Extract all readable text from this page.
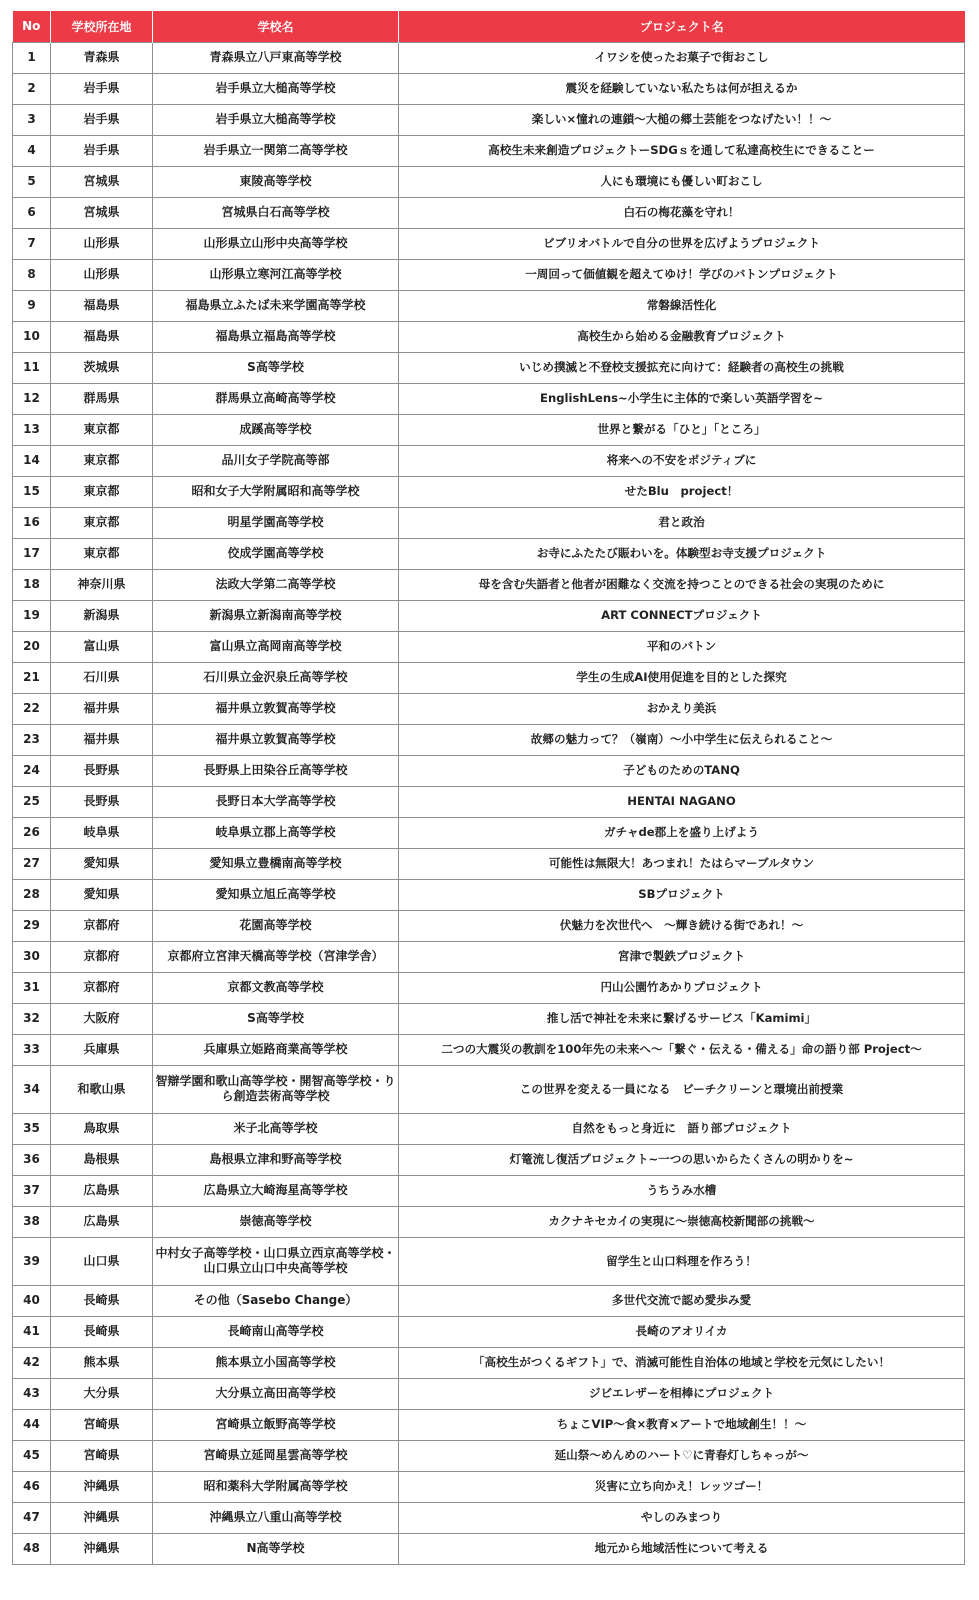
No	学校所在地	学校名	プロジェクト名
1	青森県	青森県立八戸東高等学校	イワシを使ったお菓子で街おこし
2	岩手県	岩手県立大槌高等学校	震災を経験していない私たちは何が担えるか
3	岩手県	岩手県立大槌高等学校	楽しい×憧れの連鎖〜大槌の郷土芸能をつなげたい！！〜
4	岩手県	岩手県立一関第二高等学校	高校生未来創造プロジェクトーSDGｓを通して私達高校生にできることー
5	宮城県	東陵高等学校	人にも環境にも優しい町おこし
6	宮城県	宮城県白石高等学校	白石の梅花藻を守れ！
7	山形県	山形県立山形中央高等学校	ビブリオバトルで自分の世界を広げようプロジェクト
8	山形県	山形県立寒河江高等学校	一周回って価値観を超えてゆけ！学びのバトンプロジェクト
9	福島県	福島県立ふたば未来学園高等学校	常磐線活性化
10	福島県	福島県立福島高等学校	高校生から始める金融教育プロジェクト
11	茨城県	S高等学校	いじめ撲滅と不登校支援拡充に向けて：経験者の高校生の挑戦
12	群馬県	群馬県立高崎高等学校	EnglishLens~小学生に主体的で楽しい英語学習を~
13	東京都	成蹊高等学校	世界と繋がる「ひと」「ところ」
14	東京都	品川女子学院高等部	将来への不安をポジティブに
15	東京都	昭和女子大学附属昭和高等学校	せたBlu　project！
16	東京都	明星学園高等学校	君と政治
17	東京都	佼成学園高等学校	お寺にふたたび賑わいを。体験型お寺支援プロジェクト
18	神奈川県	法政大学第二高等学校	母を含む失語者と他者が困難なく交流を持つことのできる社会の実現のために
19	新潟県	新潟県立新潟南高等学校	ART CONNECTプロジェクト
20	富山県	富山県立高岡南高等学校	平和のバトン
21	石川県	石川県立金沢泉丘高等学校	学生の生成AI使用促進を目的とした探究
22	福井県	福井県立敦賀高等学校	おかえり美浜
23	福井県	福井県立敦賀高等学校	故郷の魅力って？（嶺南）〜小中学生に伝えられること〜
24	長野県	長野県上田染谷丘高等学校	子どものためのTANQ
25	長野県	長野日本大学高等学校	HENTAI NAGANO
26	岐阜県	岐阜県立郡上高等学校	ガチャde郡上を盛り上げよう
27	愛知県	愛知県立豊橋南高等学校	可能性は無限大！あつまれ！たはらマーブルタウン
28	愛知県	愛知県立旭丘高等学校	SBプロジェクト
29	京都府	花園高等学校	伏魅力を次世代へ　〜輝き続ける街であれ！〜
30	京都府	京都府立宮津天橋高等学校（宮津学舎）	宮津で製鉄プロジェクト
31	京都府	京都文教高等学校	円山公園竹あかりプロジェクト
32	大阪府	S高等学校	推し活で神社を未来に繋げるサービス「Kamimi」
33	兵庫県	兵庫県立姫路商業高等学校	二つの大震災の教訓を100年先の未来へ〜「繋ぐ・伝える・備える」命の語り部 Project〜
34	和歌山県	智辯学園和歌山高等学校・開智高等学校・りら創造芸術高等学校	この世界を変える一員になる　ビーチクリーンと環境出前授業
35	鳥取県	米子北高等学校	自然をもっと身近に　語り部プロジェクト
36	島根県	島根県立津和野高等学校	灯篭流し復活プロジェクト~一つの思いからたくさんの明かりを~
37	広島県	広島県立大崎海星高等学校	うちうみ水槽
38	広島県	崇徳高等学校	カクナキセカイの実現に〜崇徳高校新聞部の挑戦〜
39	山口県	中村女子高等学校・山口県立西京高等学校・山口県立山口中央高等学校	留学生と山口料理を作ろう！
40	長崎県	その他（Sasebo Change）	多世代交流で認め愛歩み愛
41	長崎県	長崎南山高等学校	長崎のアオリイカ
42	熊本県	熊本県立小国高等学校	「高校生がつくるギフト」で、消滅可能性自治体の地域と学校を元気にしたい！
43	大分県	大分県立高田高等学校	ジビエレザーを相棒にプロジェクト
44	宮崎県	宮崎県立飯野高等学校	ちょこVIP〜食×教育×アートで地域創生！！〜
45	宮崎県	宮崎県立延岡星雲高等学校	延山祭〜めんめのハート♡に青春灯しちゃっが〜
46	沖縄県	昭和薬科大学附属高等学校	災害に立ち向かえ！レッツゴー！
47	沖縄県	沖縄県立八重山高等学校	やしのみまつり
48	沖縄県	N高等学校	地元から地域活性について考える
